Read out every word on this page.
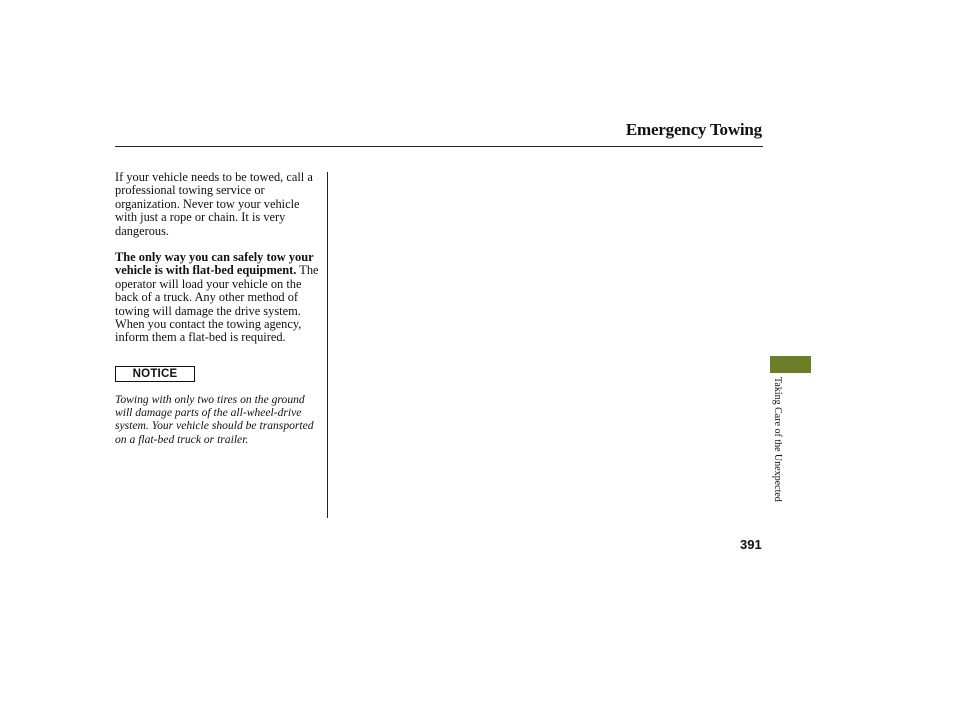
Emergency Towing

If your vehicle needs to be towed, call a professional towing service or organization. Never tow your vehicle with just a rope or chain. It is very dangerous.

The only way you can safely tow your vehicle is with flat-bed equipment. The operator will load your vehicle on the back of a truck. Any other method of towing will damage the drive system. When you contact the towing agency, inform them a flat-bed is required.

NOTICE

Towing with only two tires on the ground will damage parts of the all-wheel-drive system. Your vehicle should be transported on a flat-bed truck or trailer.	Taking Care of the Unexpected
391
